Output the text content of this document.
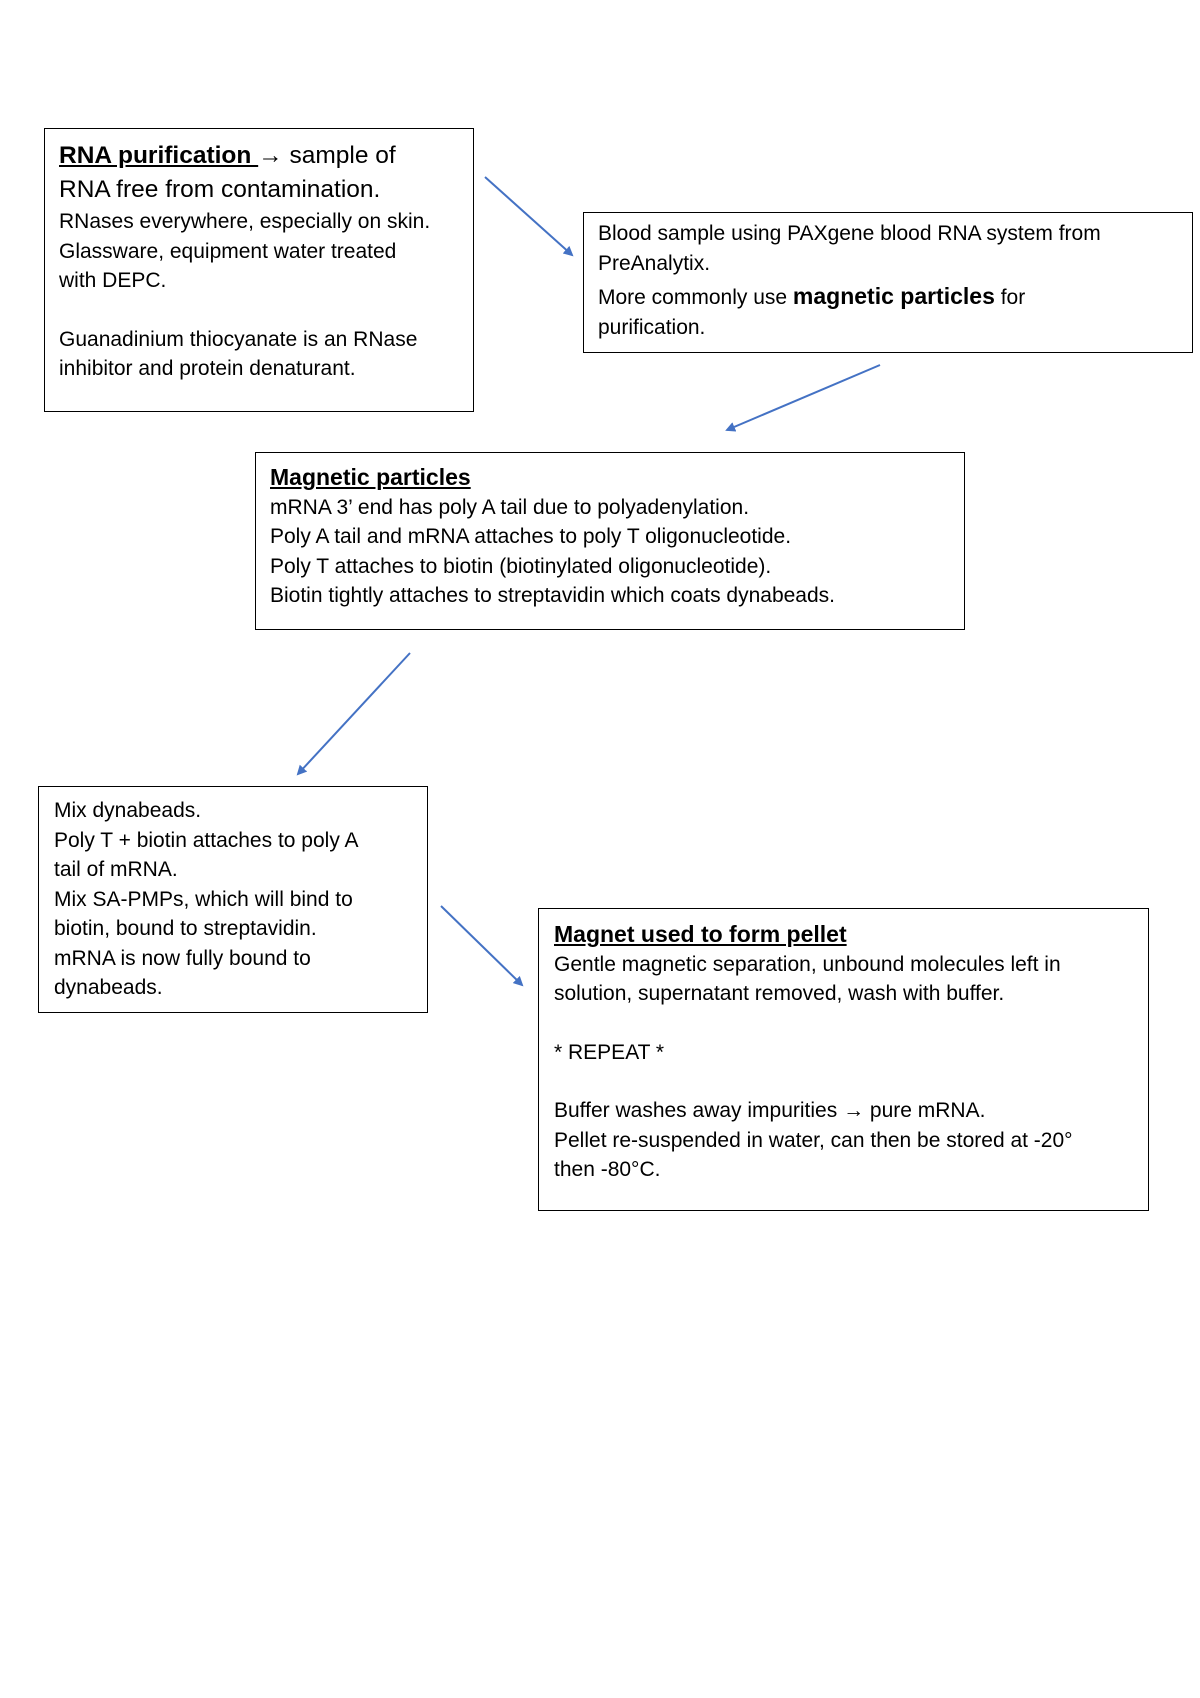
RNA purification → sample of

RNA free from contamination.

RNases everywhere, especially on skin.

Glassware, equipment water treated

with DEPC.

Guanadinium thiocyanate is an RNase

inhibitor and protein denaturant.

Blood sample using PAXgene blood RNA system from

PreAnalytix.

More commonly use magnetic particles for

purification.

Magnetic particles

mRNA 3’ end has poly A tail due to polyadenylation.

Poly A tail and mRNA attaches to poly T oligonucleotide.

Poly T attaches to biotin (biotinylated oligonucleotide).

Biotin tightly attaches to streptavidin which coats dynabeads.

Mix dynabeads.

Poly T + biotin attaches to poly A

tail of mRNA.

Mix SA-PMPs, which will bind to

biotin, bound to streptavidin.

mRNA is now fully bound to

dynabeads.

Magnet used to form pellet

Gentle magnetic separation, unbound molecules left in

solution, supernatant removed, wash with buffer.

* REPEAT *

Buffer washes away impurities → pure mRNA.

Pellet re-suspended in water, can then be stored at -20°

then -80°C.
